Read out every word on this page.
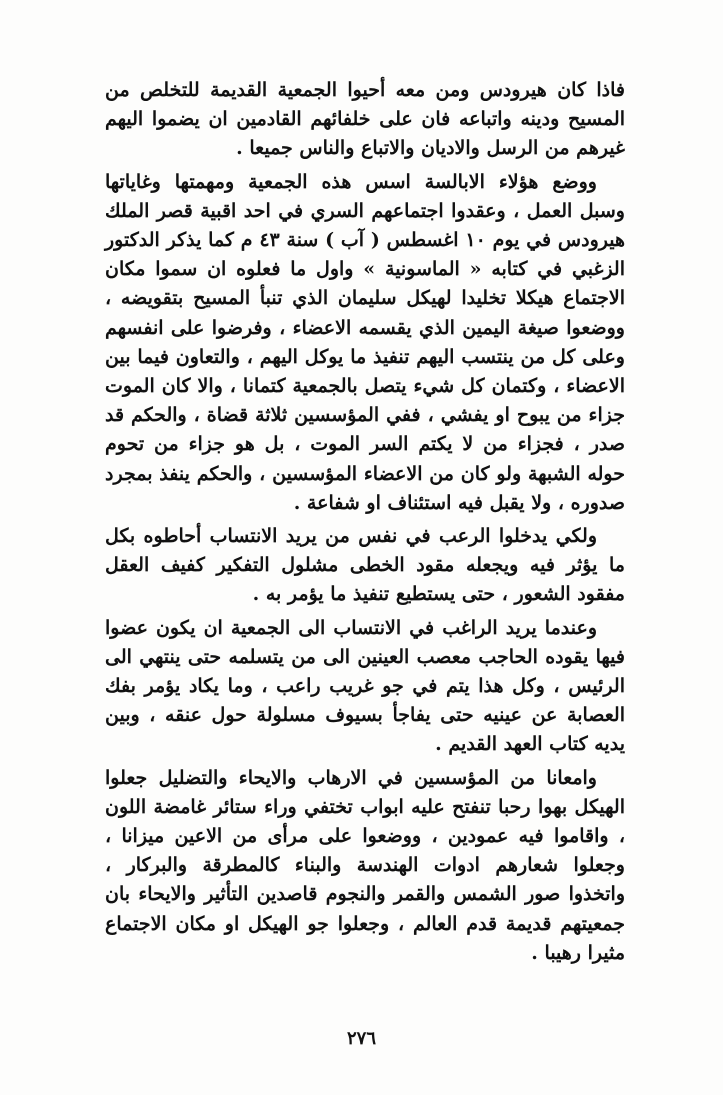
فاذا كان هيرودس ومن معه أحيوا الجمعية القديمة للتخلص من المسيح ودينه واتباعه فان على خلفائهم القادمين ان يضموا اليهم غيرهم من الرسل والاديان والاتباع والناس جميعا .

ووضع هؤلاء الابالسة اسس هذه الجمعية ومهمتها وغاياتها وسبل العمل ، وعقدوا اجتماعهم السري في احد اقبية قصر الملك هيرودس في يوم ١٠ اغسطس ( آب ) سنة ٤٣ م كما يذكر الدكتور الزغبي في كتابه « الماسونية » واول ما فعلوه ان سموا مكان الاجتماع هيكلا تخليدا لهيكل سليمان الذي تنبأ المسيح بتقويضه ، ووضعوا صيغة اليمين الذي يقسمه الاعضاء ، وفرضوا على انفسهم وعلى كل من ينتسب اليهم تنفيذ ما يوكل اليهم ، والتعاون فيما بين الاعضاء ، وكتمان كل شيء يتصل بالجمعية كتمانا ، والا كان الموت جزاء من يبوح او يفشي ، ففي المؤسسين ثلاثة قضاة ، والحكم قد صدر ، فجزاء من لا يكتم السر الموت ، بل هو جزاء من تحوم حوله الشبهة ولو كان من الاعضاء المؤسسين ، والحكم ينفذ بمجرد صدوره ، ولا يقبل فيه استئناف او شفاعة .

ولكي يدخلوا الرعب في نفس من يريد الانتساب أحاطوه بكل ما يؤثر فيه ويجعله مقود الخطى مشلول التفكير كفيف العقل مفقود الشعور ، حتى يستطيع تنفيذ ما يؤمر به .

وعندما يريد الراغب في الانتساب الى الجمعية ان يكون عضوا فيها يقوده الحاجب معصب العينين الى من يتسلمه حتى ينتهي الى الرئيس ، وكل هذا يتم في جو غريب راعب ، وما يكاد يؤمر بفك العصابة عن عينيه حتى يفاجأ بسيوف مسلولة حول عنقه ، وبين يديه كتاب العهد القديم .

وامعانا من المؤسسين في الارهاب والايحاء والتضليل جعلوا الهيكل بهوا رحبا تنفتح عليه ابواب تختفي وراء ستائر غامضة اللون ، واقاموا فيه عمودين ، ووضعوا على مرأى من الاعين ميزانا ، وجعلوا شعارهم ادوات الهندسة والبناء كالمطرقة والبركار ، واتخذوا صور الشمس والقمر والنجوم قاصدين التأثير والايحاء بان جمعيتهم قديمة قدم العالم ، وجعلوا جو الهيكل او مكان الاجتماع مثيرا رهيبا .

٢٧٦
